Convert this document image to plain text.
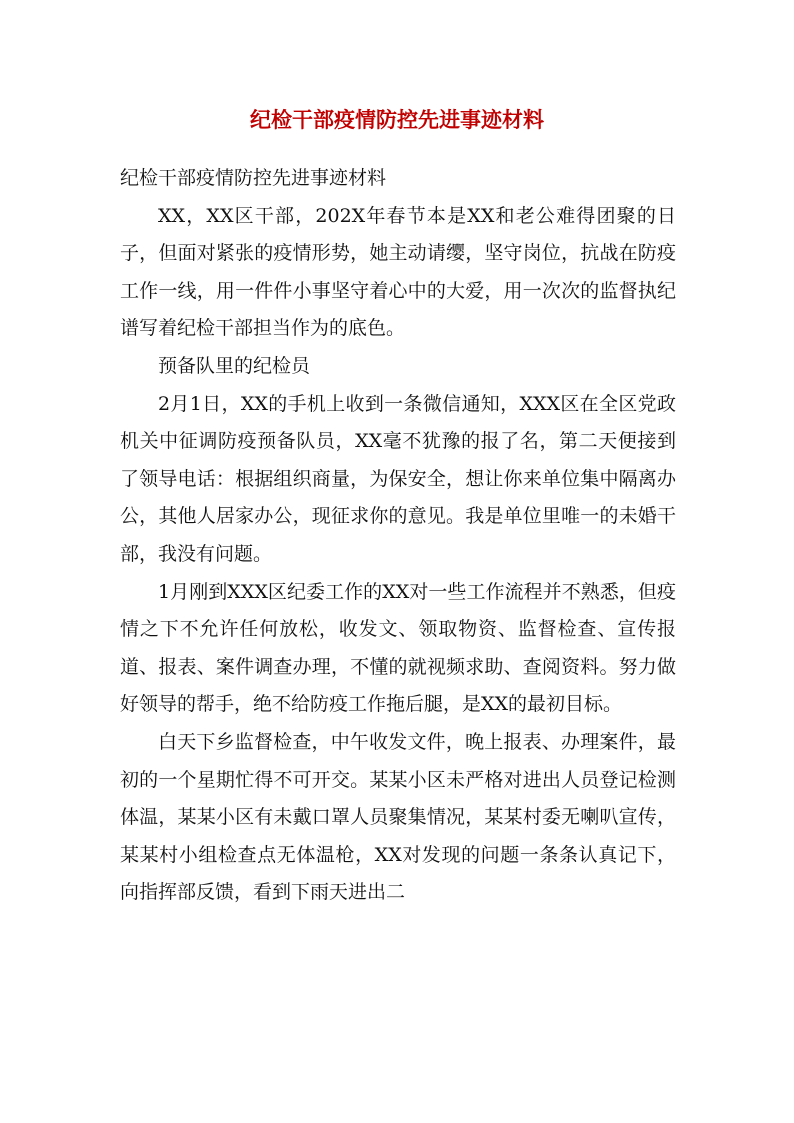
纪检干部疫情防控先进事迹材料

纪检干部疫情防控先进事迹材料

XX，XX区干部，202X年春节本是XX和老公难得团聚的日子，但面对紧张的疫情形势，她主动请缨，坚守岗位，抗战在防疫工作一线，用一件件小事坚守着心中的大爱，用一次次的监督执纪谱写着纪检干部担当作为的底色。

预备队里的纪检员

2月1日，XX的手机上收到一条微信通知，XXX区在全区党政机关中征调防疫预备队员，XX毫不犹豫的报了名，第二天便接到了领导电话：根据组织商量，为保安全，想让你来单位集中隔离办公，其他人居家办公，现征求你的意见。我是单位里唯一的未婚干部，我没有问题。

1月刚到XXX区纪委工作的XX对一些工作流程并不熟悉，但疫情之下不允许任何放松，收发文、领取物资、监督检查、宣传报道、报表、案件调查办理，不懂的就视频求助、查阅资料。努力做好领导的帮手，绝不给防疫工作拖后腿，是XX的最初目标。

白天下乡监督检查，中午收发文件，晚上报表、办理案件，最初的一个星期忙得不可开交。某某小区未严格对进出人员登记检测体温，某某小区有未戴口罩人员聚集情况，某某村委无喇叭宣传，某某村小组检查点无体温枪，XX对发现的问题一条条认真记下，向指挥部反馈，看到下雨天进出二
